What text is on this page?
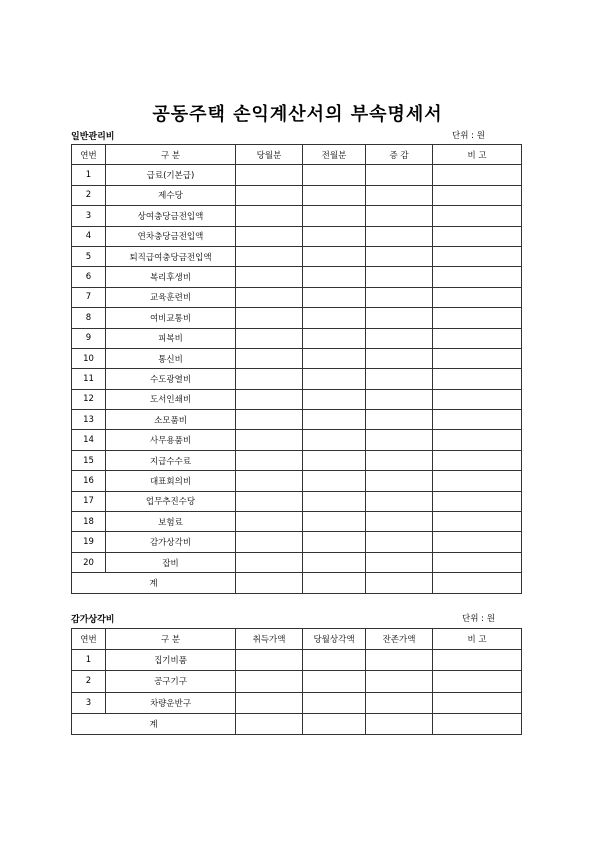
공동주택 손익계산서의 부속명세서
일반관리비	단위 : 원
연번	구 분	당월분	전월분	증 감	비 고
1	급료(기본급)				
2	제수당				
3	상여충당금전입액				
4	연차충당금전입액				
5	퇴직급여충당금전입액				
6	복리후생비				
7	교육훈련비				
8	여비교통비				
9	피복비				
10	통신비				
11	수도광열비				
12	도서인쇄비				
13	소모품비				
14	사무용품비				
15	지급수수료				
16	대표회의비				
17	업무추진수당				
18	보험료				
19	감가상각비				
20	잡비				
계					
감가상각비	단위 : 원
연번	구 분	취득가액	당월상각액	잔존가액	비 고
1	집기비품				
2	공구기구				
3	차량운반구				
계					
